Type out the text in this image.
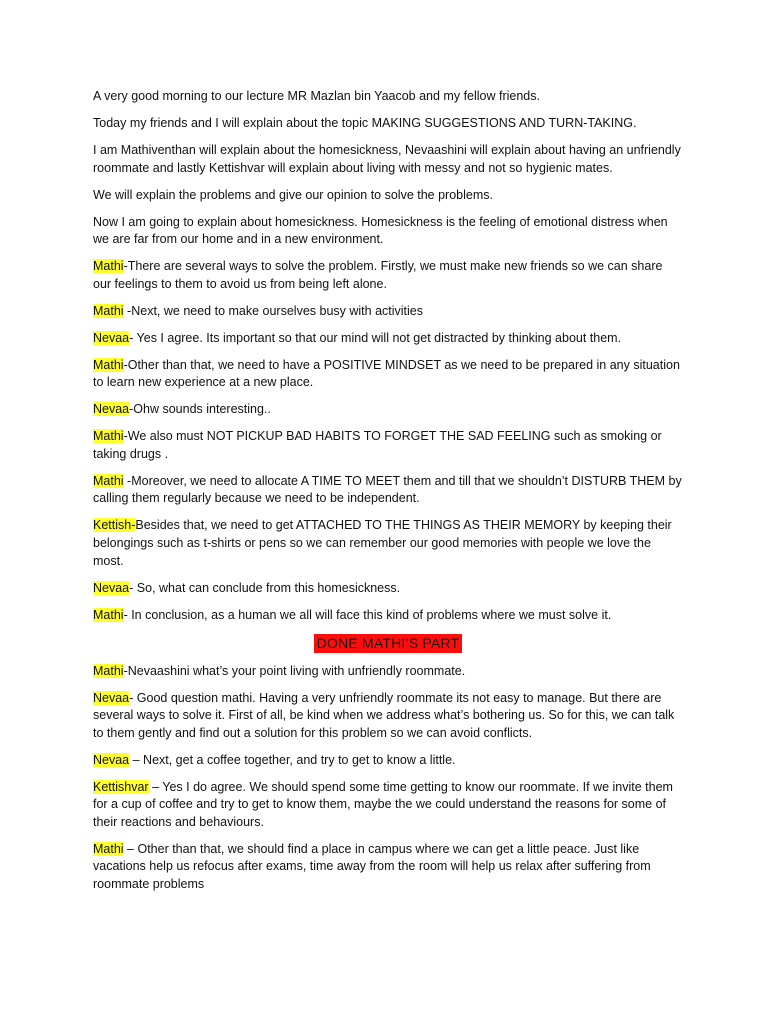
A very good morning to our lecture MR Mazlan bin Yaacob and my fellow friends.

Today my friends and I will explain about the topic MAKING SUGGESTIONS AND TURN-TAKING.

I am Mathiventhan will explain about the homesickness, Nevaashini will explain about having an unfriendly roommate and lastly Kettishvar will explain about living with messy and not so hygienic mates.

We will explain the problems and give our opinion to solve the problems.

Now I am going to explain about homesickness. Homesickness is the feeling of emotional distress when we are far from our home and in a new environment.

Mathi-There are several ways to solve the problem. Firstly, we must make new friends so we can share our feelings to them to avoid us from being left alone.

Mathi -Next, we need to make ourselves busy with activities

Nevaa- Yes I agree. Its important so that our mind will not get distracted by thinking about them.

Mathi-Other than that, we need to have a POSITIVE MINDSET as we need to be prepared in any situation to learn new experience at a new place.

Nevaa-Ohw sounds interesting..

Mathi-We also must NOT PICKUP BAD HABITS TO FORGET THE SAD FEELING such as smoking or taking drugs .

Mathi -Moreover, we need to allocate A TIME TO MEET them and till that we shouldn’t DISTURB THEM by calling them regularly because we need to be independent.

Kettish-Besides that, we need to get ATTACHED TO THE THINGS AS THEIR MEMORY by keeping their belongings such as t-shirts or pens so we can remember our good memories with people we love the most.

Nevaa- So, what can conclude from this homesickness.

Mathi- In conclusion, as a human we all will face this kind of problems where we must solve it.

DONE MATHI’S PART

Mathi-Nevaashini what’s your point living with unfriendly roommate.

Nevaa- Good question mathi. Having a very unfriendly roommate its not easy to manage. But there are several ways to solve it. First of all, be kind when we address what’s bothering us. So for this, we can talk to them gently and find out a solution for this problem so we can avoid conflicts.

Nevaa – Next, get a coffee together, and try to get to know a little.

Kettishvar – Yes I do agree. We should spend some time getting to know our roommate. If we invite them for a cup of coffee and try to get to know them, maybe the we could understand the reasons for some of their reactions and behaviours.

Mathi – Other than that, we should find a place in campus where we can get a little peace. Just like vacations help us refocus after exams, time away from the room will help us relax after suffering from roommate problems
